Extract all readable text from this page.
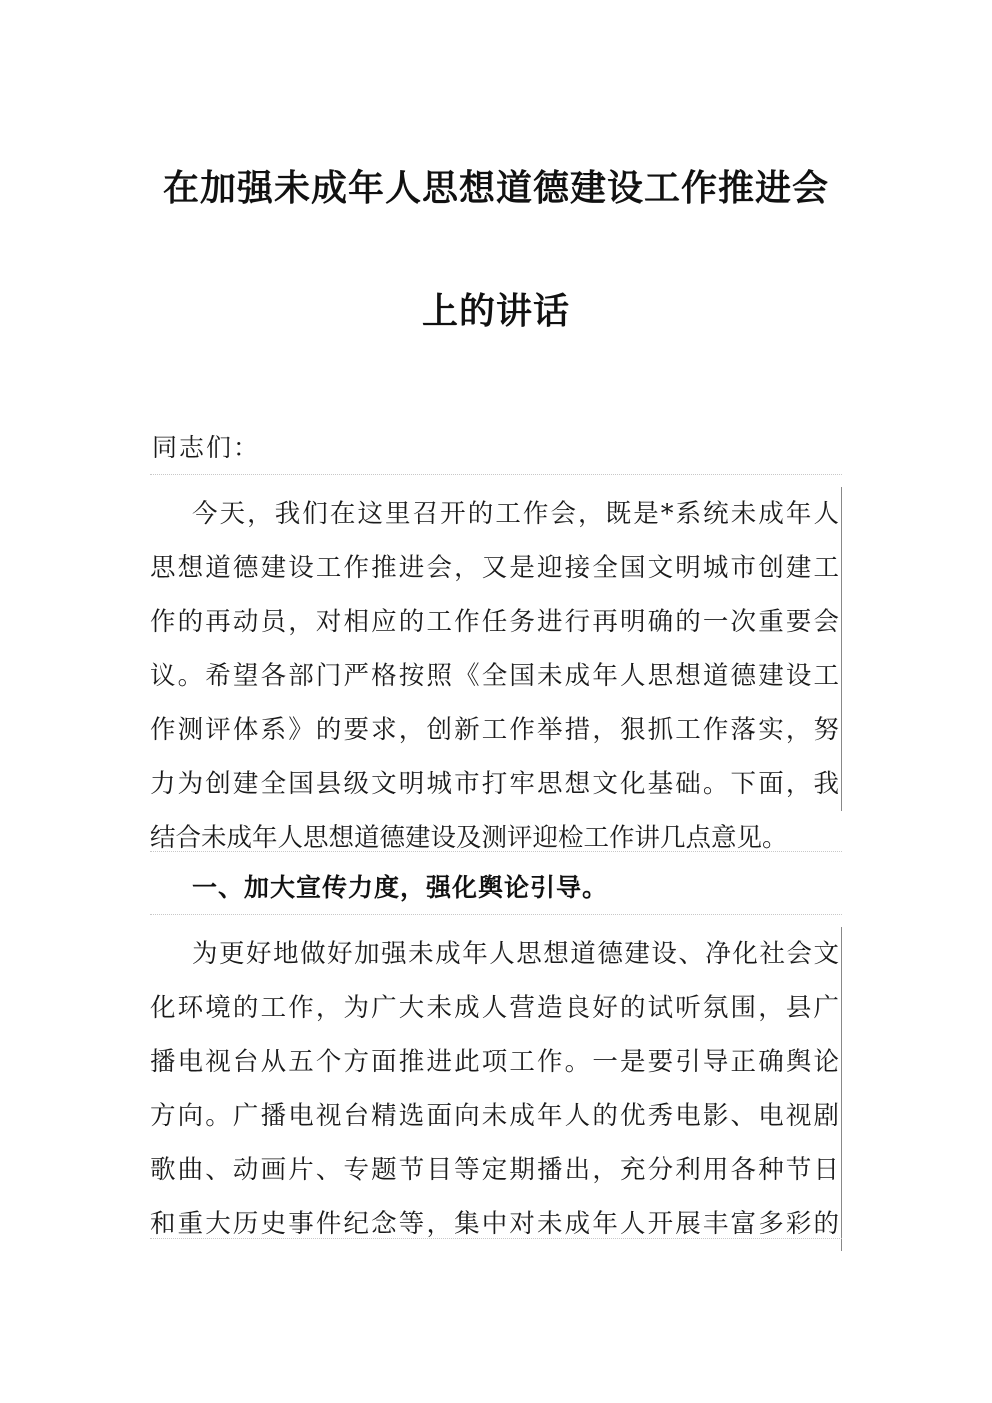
在加强未成年人思想道德建设工作推进会
上的讲话
同志们：
今天，我们在这里召开的工作会，既是*系统未成年人
思想道德建设工作推进会，又是迎接全国文明城市创建工
作的再动员，对相应的工作任务进行再明确的一次重要会
议。希望各部门严格按照《全国未成年人思想道德建设工
作测评体系》的要求，创新工作举措，狠抓工作落实，努
力为创建全国县级文明城市打牢思想文化基础。下面，我
结合未成年人思想道德建设及测评迎检工作讲几点意见。
一、加大宣传力度，强化舆论引导。
为更好地做好加强未成年人思想道德建设、净化社会文
化环境的工作，为广大未成人营造良好的试听氛围，县广
播电视台从五个方面推进此项工作。一是要引导正确舆论
方向。广播电视台精选面向未成年人的优秀电影、电视剧
歌曲、动画片、专题节目等定期播出，充分利用各种节日
和重大历史事件纪念等，集中对未成年人开展丰富多彩的
